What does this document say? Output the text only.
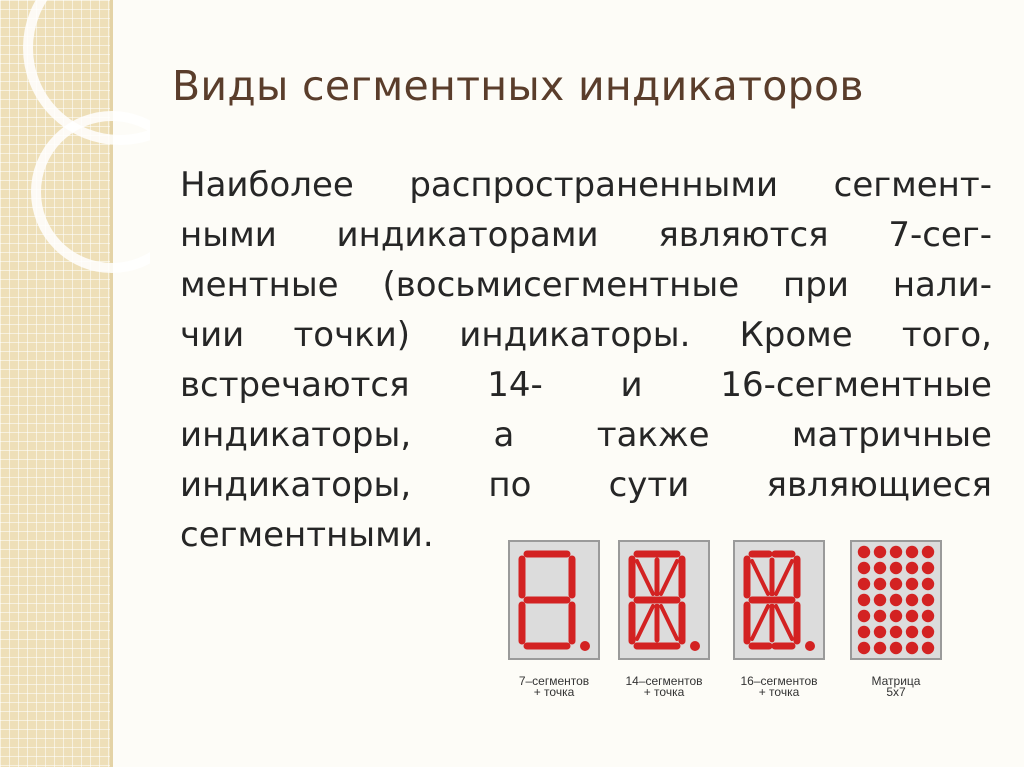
Виды сегментных индикаторов
Наиболее распространенными сегмент-
ными индикаторами являются 7-сег-
ментные (восьмисегментные при нали-
чии точки) индикаторы. Кроме того,
встречаются 14- и 16-сегментные
индикаторы, а также матричные
индикаторы, по сути являющиеся
сегментными.
7–сегментов
+ точка
14–сегментов
+ точка
16–сегментов
+ точка
Матрица
5х7
